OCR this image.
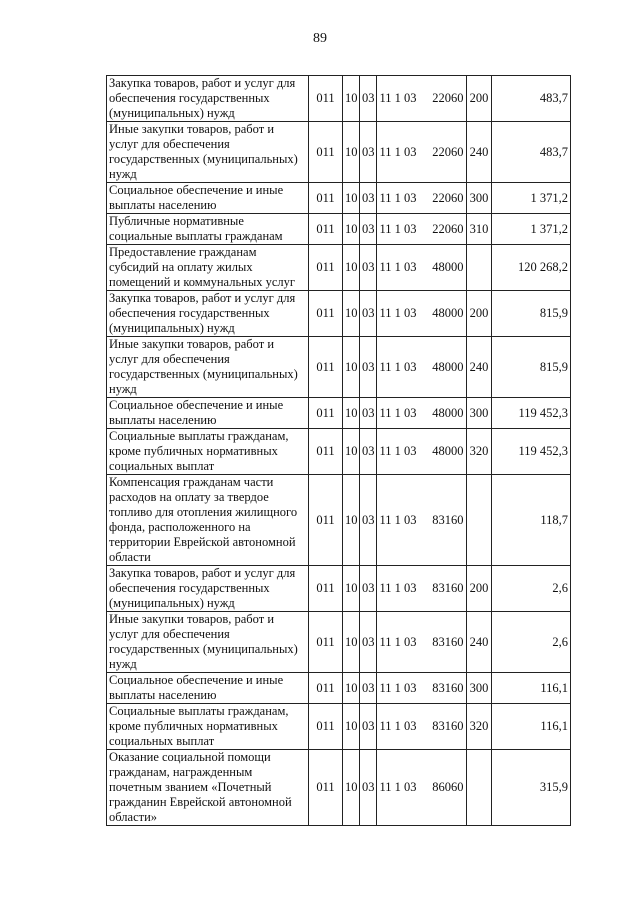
89
Закупка товаров, работ и услуг для обеспечения государственных (муниципальных) нужд	011	10	03	11 1 03 22060	200	483,7
Иные закупки товаров, работ и услуг для обеспечения государственных (муниципальных) нужд	011	10	03	11 1 03 22060	240	483,7
Социальное обеспечение и иные выплаты населению	011	10	03	11 1 03 22060	300	1 371,2
Публичные нормативные социальные выплаты гражданам	011	10	03	11 1 03 22060	310	1 371,2
Предоставление гражданам субсидий на оплату жилых помещений и коммунальных услуг	011	10	03	11 1 03 48000		120 268,2
Закупка товаров, работ и услуг для обеспечения государственных (муниципальных) нужд	011	10	03	11 1 03 48000	200	815,9
Иные закупки товаров, работ и услуг для обеспечения государственных (муниципальных) нужд	011	10	03	11 1 03 48000	240	815,9
Социальное обеспечение и иные выплаты населению	011	10	03	11 1 03 48000	300	119 452,3
Социальные выплаты гражданам, кроме публичных нормативных социальных выплат	011	10	03	11 1 03 48000	320	119 452,3
Компенсация гражданам части расходов на оплату за твердое топливо для отопления жилищного фонда, расположенного на территории Еврейской автономной области	011	10	03	11 1 03 83160		118,7
Закупка товаров, работ и услуг для обеспечения государственных (муниципальных) нужд	011	10	03	11 1 03 83160	200	2,6
Иные закупки товаров, работ и услуг для обеспечения государственных (муниципальных) нужд	011	10	03	11 1 03 83160	240	2,6
Социальное обеспечение и иные выплаты населению	011	10	03	11 1 03 83160	300	116,1
Социальные выплаты гражданам, кроме публичных нормативных социальных выплат	011	10	03	11 1 03 83160	320	116,1
Оказание социальной помощи гражданам, награжденным почетным званием «Почетный гражданин Еврейской автономной области»	011	10	03	11 1 03 86060		315,9
